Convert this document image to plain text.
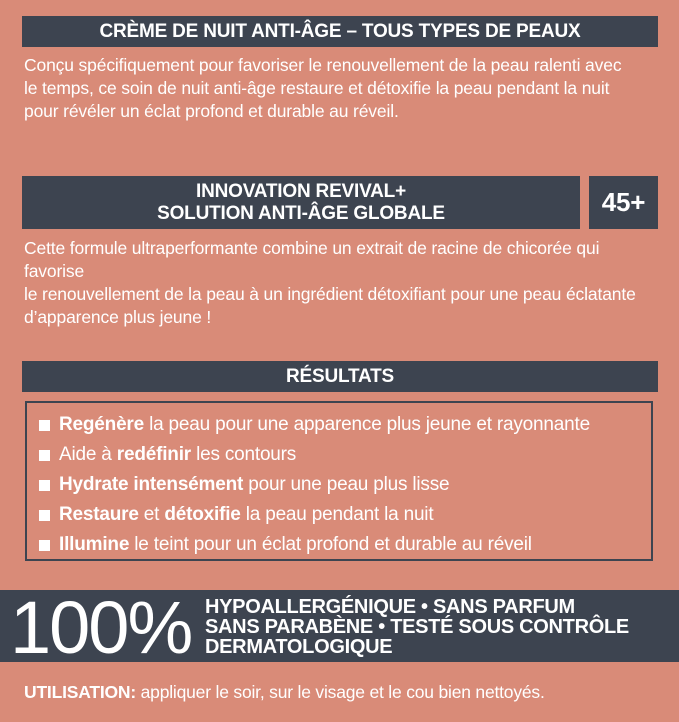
CRÈME DE NUIT ANTI-ÂGE – TOUS TYPES DE PEAUX
Conçu spécifiquement pour favoriser le renouvellement de la peau ralenti avec
le temps, ce soin de nuit anti-âge restaure et détoxifie la peau pendant la nuit
pour révéler un éclat profond et durable au réveil.
INNOVATION REVIVAL+
SOLUTION ANTI-ÂGE GLOBALE	45+
Cette formule ultraperformante combine un extrait de racine de chicorée qui favorise
le renouvellement de la peau à un ingrédient détoxifiant pour une peau éclatante
d’apparence plus jeune !
RÉSULTATS
Regénère la peau pour une apparence plus jeune et rayonnante
Aide à redéfinir les contours
Hydrate intensément pour une peau plus lisse
Restaure et détoxifie la peau pendant la nuit
Illumine le teint pour un éclat profond et durable au réveil
100% HYPOALLERGÉNIQUE • SANS PARFUM
SANS PARABÈNE • TESTÉ SOUS CONTRÔLE
DERMATOLOGIQUE
UTILISATION: appliquer le soir, sur le visage et le cou bien nettoyés.
